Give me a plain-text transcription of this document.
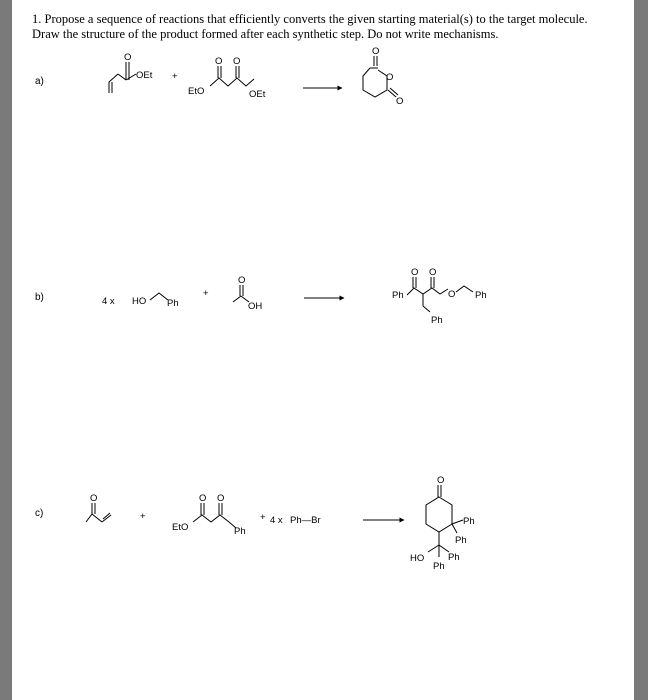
1. Propose a sequence of reactions that efficiently converts the given starting material(s) to the target molecule.
Draw the structure of the product formed after each synthetic step. Do not write mechanisms.
a)
O
OEt +
EtO
O O
OEt
O
O
O
b)	4 x HO Ph
+
O
OH
Ph
O O
O Ph
Ph
c)
O
+
EtO
O O
Ph
+ 4 x Ph—Br
O
Ph
Ph
HO	Ph
Ph
